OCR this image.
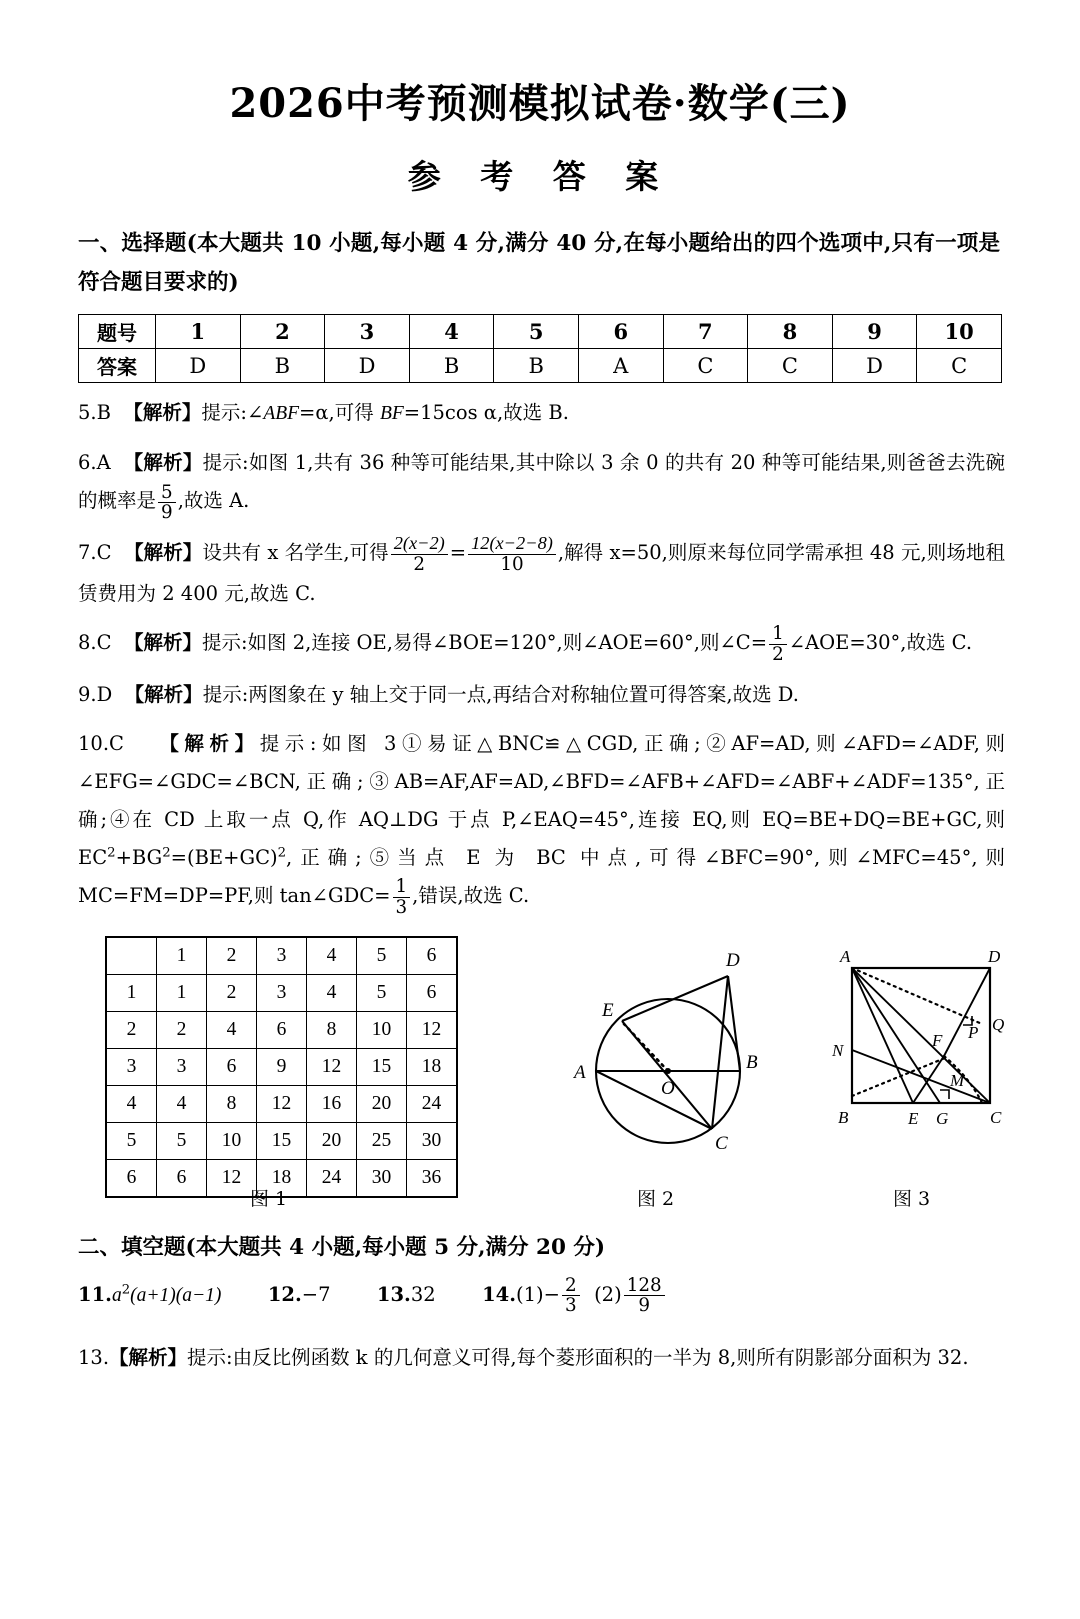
2026中考预测模拟试卷·数学(三)
参 考 答 案
一、选择题(本大题共 10 小题,每小题 4 分,满分 40 分,在每小题给出的四个选项中,只有一项是符合题目要求的)
题号	1	2	3	4	5	6	7	8	9	10
答案	D	B	D	B	B	A	C	C	D	C
5.B 【解析】提示:∠ABF=α,可得 BF=15cos α,故选 B.
6.A 【解析】提示:如图 1,共有 36 种等可能结果,其中除以 3 余 0 的共有 20 种等可能结果,则爸爸去洗碗的概率是 $\frac{5}{9}$ ,故选 A.
7.C 【解析】设共有 x 名学生,可得 $\frac{2(x-2)}{2} = \frac{12(x-2-8)}{10}$ ,解得 x=50,则原来每位同学需承担 48 元,则场地租赁费用为 2 400 元,故选 C.
8.C 【解析】提示:如图 2,连接 OE,易得∠BOE=120°,则∠AOE=60°,则∠C= $\frac{1}{2}$ ∠AOE=30°,故选 C.
9.D 【解析】提示:两图象在 y 轴上交于同一点,再结合对称轴位置可得答案,故选 D.
10.C 【解析】提示:如图 3①易证△BNC≌△CGD,正确;②AF=AD,则∠AFD=∠ADF,则∠EFG=∠GDC=∠BCN,正确;③AB=AF,AF=AD,∠BFD=∠AFB+∠AFD=∠ABF+∠ADF=135°,正确;④在 CD 上取一点 Q,作 AQ⊥DG 于点 P,∠EAQ=45°,连接 EQ,则 EQ=BE+DQ=BE+GC,则 $EC^2+BG^2=(BE+GC)^2$,正确;⑤当点 E 为 BC 中点,可得∠BFC=90°,则∠MFC=45°,则 MC=FM=DP=PF,则 tan∠GDC= $\frac{1}{3}$ ,错误,故选 C.
	1	2	3	4	5	6
1	1	2	3	4	5	6
2	2	4	6	8	10	12
3	3	6	9	12	15	18
4	4	8	12	16	20	24
5	5	10	15	20	25	30
6	6	12	18	24	30	36
图 1
A	B
C
D
E
O
图 2
A	D
B	C
E G
N
F P Q
M
图 3
二、填空题(本大题共 4 小题,每小题 5 分,满分 20 分)
$11.a^2(a+1)(a-1)$ 12.−7 13.32 $14.(1)- \frac{2}{3} (2) \frac{128}{9}$
13.【解析】提示:由反比例函数 k 的几何意义可得,每个菱形面积的一半为 8,则所有阴影部分面积为 32.
